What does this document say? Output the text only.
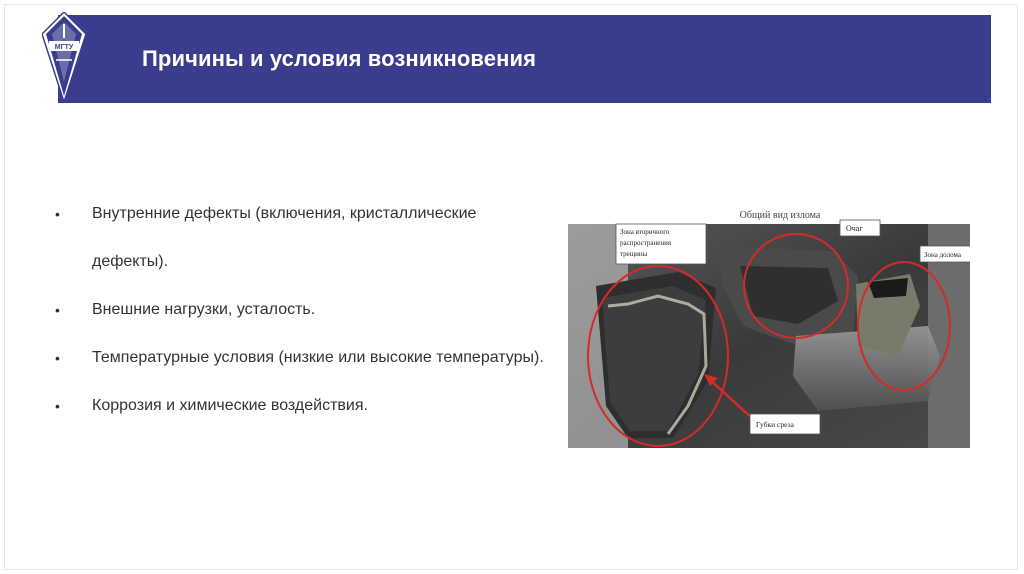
МГТУ	Причины и условия возникновения
• Внутренние дефекты (включения, кристаллические дефекты).
• Внешние нагрузки, усталость.
• Температурные условия (низкие или высокие температуры).
• Коррозия и химические воздействия.
Общий вид излома
Зона вторичного
распространения
трещины
Очаг
Зона долома
Губки среза
